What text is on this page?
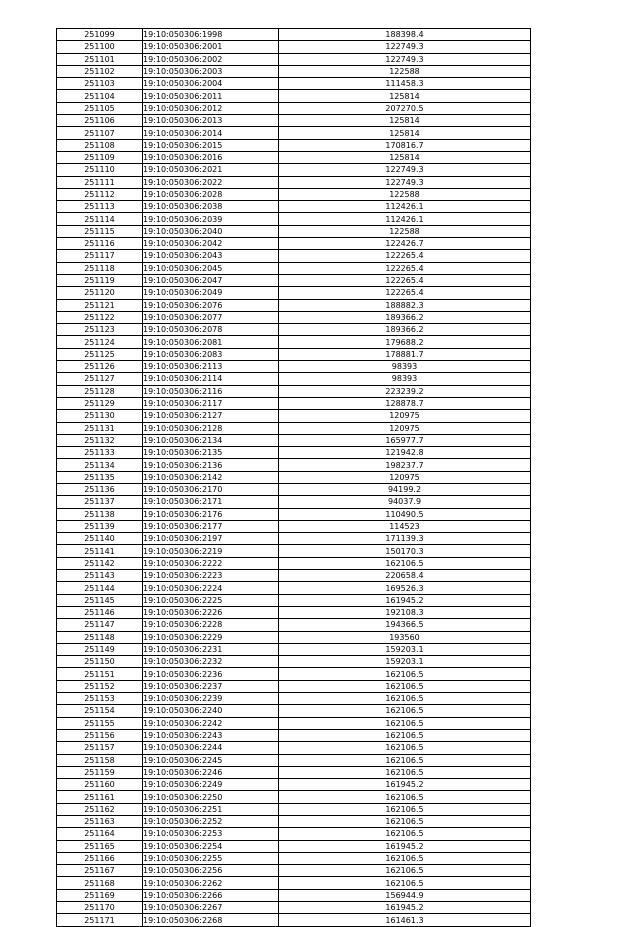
251099	19:10:050306:1998	188398.4
251100	19:10:050306:2001	122749.3
251101	19:10:050306:2002	122749.3
251102	19:10:050306:2003	122588
251103	19:10:050306:2004	111458.3
251104	19:10:050306:2011	125814
251105	19:10:050306:2012	207270.5
251106	19:10:050306:2013	125814
251107	19:10:050306:2014	125814
251108	19:10:050306:2015	170816.7
251109	19:10:050306:2016	125814
251110	19:10:050306:2021	122749.3
251111	19:10:050306:2022	122749.3
251112	19:10:050306:2028	122588
251113	19:10:050306:2038	112426.1
251114	19:10:050306:2039	112426.1
251115	19:10:050306:2040	122588
251116	19:10:050306:2042	122426.7
251117	19:10:050306:2043	122265.4
251118	19:10:050306:2045	122265.4
251119	19:10:050306:2047	122265.4
251120	19:10:050306:2049	122265.4
251121	19:10:050306:2076	188882.3
251122	19:10:050306:2077	189366.2
251123	19:10:050306:2078	189366.2
251124	19:10:050306:2081	179688.2
251125	19:10:050306:2083	178881.7
251126	19:10:050306:2113	98393
251127	19:10:050306:2114	98393
251128	19:10:050306:2116	223239.2
251129	19:10:050306:2117	128878.7
251130	19:10:050306:2127	120975
251131	19:10:050306:2128	120975
251132	19:10:050306:2134	165977.7
251133	19:10:050306:2135	121942.8
251134	19:10:050306:2136	198237.7
251135	19:10:050306:2142	120975
251136	19:10:050306:2170	94199.2
251137	19:10:050306:2171	94037.9
251138	19:10:050306:2176	110490.5
251139	19:10:050306:2177	114523
251140	19:10:050306:2197	171139.3
251141	19:10:050306:2219	150170.3
251142	19:10:050306:2222	162106.5
251143	19:10:050306:2223	220658.4
251144	19:10:050306:2224	169526.3
251145	19:10:050306:2225	161945.2
251146	19:10:050306:2226	192108.3
251147	19:10:050306:2228	194366.5
251148	19:10:050306:2229	193560
251149	19:10:050306:2231	159203.1
251150	19:10:050306:2232	159203.1
251151	19:10:050306:2236	162106.5
251152	19:10:050306:2237	162106.5
251153	19:10:050306:2239	162106.5
251154	19:10:050306:2240	162106.5
251155	19:10:050306:2242	162106.5
251156	19:10:050306:2243	162106.5
251157	19:10:050306:2244	162106.5
251158	19:10:050306:2245	162106.5
251159	19:10:050306:2246	162106.5
251160	19:10:050306:2249	161945.2
251161	19:10:050306:2250	162106.5
251162	19:10:050306:2251	162106.5
251163	19:10:050306:2252	162106.5
251164	19:10:050306:2253	162106.5
251165	19:10:050306:2254	161945.2
251166	19:10:050306:2255	162106.5
251167	19:10:050306:2256	162106.5
251168	19:10:050306:2262	162106.5
251169	19:10:050306:2266	156944.9
251170	19:10:050306:2267	161945.2
251171	19:10:050306:2268	161461.3
